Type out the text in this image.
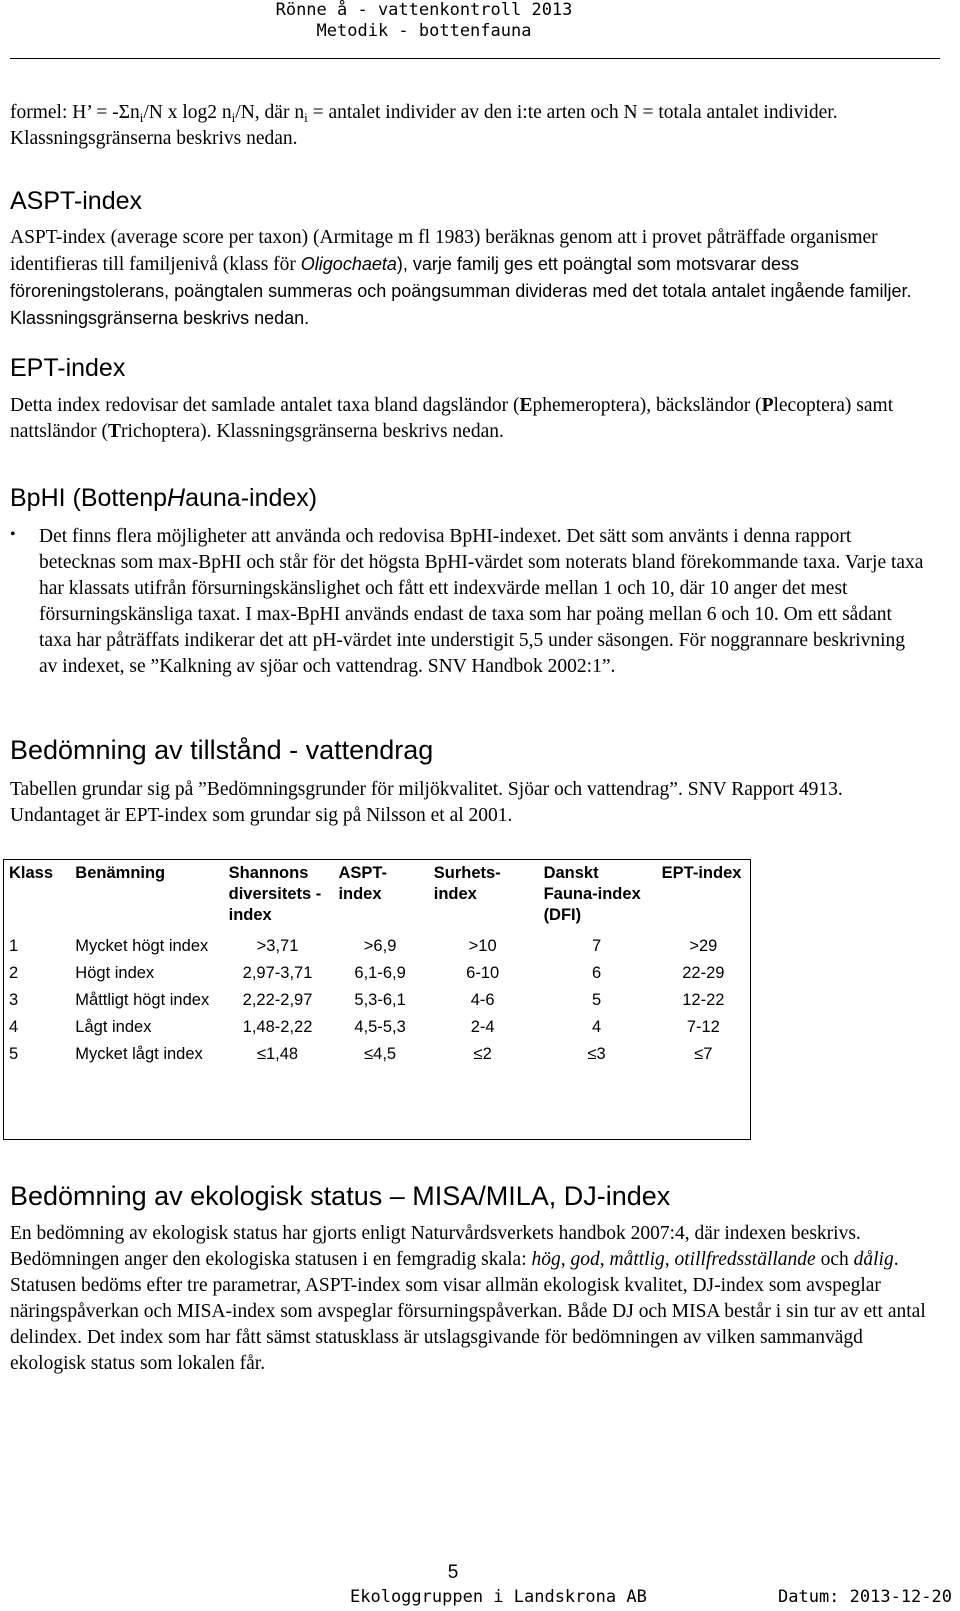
Rönne å - vattenkontroll 2013
Metodik - bottenfauna
formel: H’ = $-\Sigma n_i/N$ x log2 $n_i/N$, där $n_i$ = antalet individer av den i:te arten och N = totala antalet individer. Klassningsgränserna beskrivs nedan.
ASPT-index
ASPT-index (average score per taxon) (Armitage m fl 1983) beräknas genom att i provet påträffade organismer identifieras till familjenivå (klass för Oligochaeta), varje familj ges ett poängtal som motsvarar dess föroreningstolerans, poängtalen summeras och poängsumman divideras med det totala antalet ingående familjer. Klassningsgränserna beskrivs nedan.
EPT-index
Detta index redovisar det samlade antalet taxa bland dagsländor (Ephemeroptera), bäcksländor (Plecoptera) samt nattsländor (Trichoptera). Klassningsgränserna beskrivs nedan.
BpHI (BottenpHauna-index)
• Det finns flera möjligheter att använda och redovisa BpHI-indexet. Det sätt som använts i denna rapport betecknas som max-BpHI och står för det högsta BpHI-värdet som noterats bland förekommande taxa. Varje taxa har klassats utifrån försurningskänslighet och fått ett indexvärde mellan 1 och 10, där 10 anger det mest försurningskänsliga taxat. I max-BpHI används endast de taxa som har poäng mellan 6 och 10. Om ett sådant taxa har påträffats indikerar det att pH-värdet inte understigit 5,5 under säsongen. För noggrannare beskrivning av indexet, se ”Kalkning av sjöar och vattendrag. SNV Handbok 2002:1”.
Bedömning av tillstånd - vattendrag
Tabellen grundar sig på ”Bedömningsgrunder för miljökvalitet. Sjöar och vattendrag”. SNV Rapport 4913. Undantaget är EPT-index som grundar sig på Nilsson et al 2001.
Klass	Benämning	Shannons diversitets -index	ASPT-index	Surhets-index	Danskt Fauna-index (DFI)	EPT-index
1	Mycket högt index	>3,71	>6,9	>10	7	>29
2	Högt index	2,97-3,71	6,1-6,9	6-10	6	22-29
3	Måttligt högt index	2,22-2,97	5,3-6,1	4-6	5	12-22
4	Lågt index	1,48-2,22	4,5-5,3	2-4	4	7-12
5	Mycket lågt index	≤1,48	≤4,5	≤2	≤3	≤7
Bedömning av ekologisk status – MISA/MILA, DJ-index
En bedömning av ekologisk status har gjorts enligt Naturvårdsverkets handbok 2007:4, där indexen beskrivs. Bedömningen anger den ekologiska statusen i en femgradig skala: hög, god, måttlig, otillfredsställande och dålig. Statusen bedöms efter tre parametrar, ASPT-index som visar allmän ekologisk kvalitet, DJ-index som avspeglar näringspåverkan och MISA-index som avspeglar försurningspåverkan. Både DJ och MISA består i sin tur av ett antal delindex. Det index som har fått sämst statusklass är utslagsgivande för bedömningen av vilken sammanvägd ekologisk status som lokalen får.
5
Ekologgruppen i Landskrona AB	Datum: 2013-12-20
